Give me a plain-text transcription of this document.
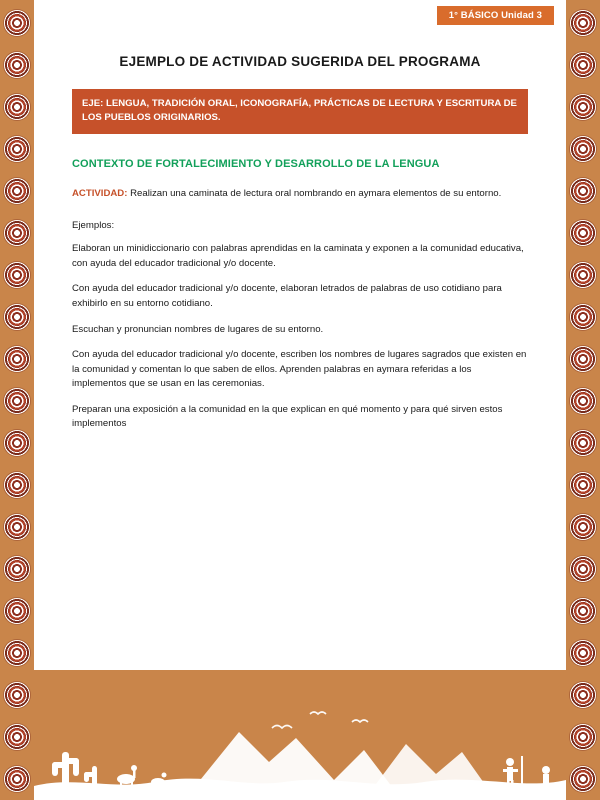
1° BÁSICO Unidad 3
EJEMPLO DE ACTIVIDAD SUGERIDA DEL PROGRAMA
EJE: LENGUA, TRADICIÓN ORAL, ICONOGRAFÍA, PRÁCTICAS DE LECTURA Y ESCRITURA DE LOS PUEBLOS ORIGINARIOS.
CONTEXTO DE FORTALECIMIENTO Y DESARROLLO DE LA LENGUA
ACTIVIDAD: Realizan una caminata de lectura oral nombrando en aymara elementos de su entorno.
Ejemplos:
Elaboran un minidiccionario con palabras aprendidas en la caminata y exponen a la comunidad educativa, con ayuda del educador tradicional y/o docente.
Con ayuda del educador tradicional y/o docente, elaboran letrados de palabras de uso cotidiano para exhibirlo en su entorno cotidiano.
Escuchan y pronuncian nombres de lugares de su entorno.
Con ayuda del educador tradicional y/o docente, escriben los nombres de lugares sagrados que existen en la comunidad y comentan lo que saben de ellos. Aprenden palabras en aymara referidas a los implementos que se usan en las ceremonias.
Preparan una exposición a la comunidad en la que explican en qué momento y para qué sirven estos implementos
